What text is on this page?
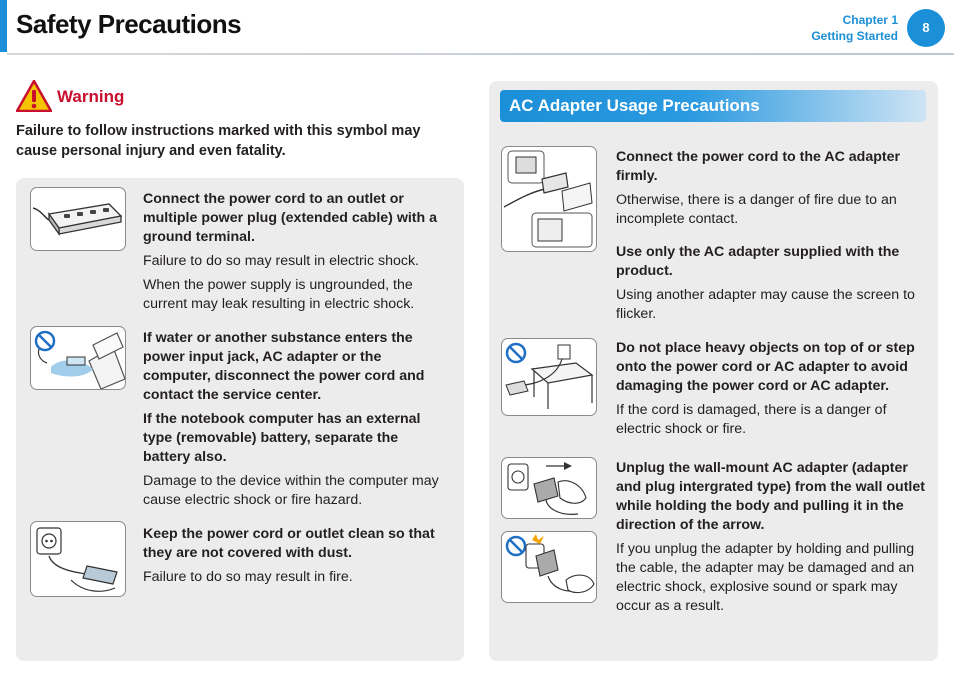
Safety Precautions	Chapter 1
Getting Started
8
Warning
Failure to follow instructions marked with this symbol may cause personal injury and even fatality.

Connect the power cord to an outlet or multiple power plug (extended cable) with a ground terminal.

Failure to do so may result in electric shock.

When the power supply is ungrounded, the current may leak resulting in electric shock.

If water or another substance enters the power input jack, AC adapter or the computer, disconnect the power cord and contact the service center.

If the notebook computer has an external type (removable) battery, separate the battery also.

Damage to the device within the computer may cause electric shock or fire hazard.

Keep the power cord or outlet clean so that they are not covered with dust.

Failure to do so may result in fire.

AC Adapter Usage Precautions

Connect the power cord to the AC adapter firmly.

Otherwise, there is a danger of fire due to an incomplete contact.

Use only the AC adapter supplied with the product.

Using another adapter may cause the screen to flicker.

Do not place heavy objects on top of or step onto the power cord or AC adapter to avoid damaging the power cord or AC adapter.

If the cord is damaged, there is a danger of electric shock or fire.

Unplug the wall-mount AC adapter (adapter and plug intergrated type) from the wall outlet while holding the body and pulling it in the direction of the arrow.

If you unplug the adapter by holding and pulling the cable, the adapter may be damaged and an electric shock, explosive sound or spark may occur as a result.
